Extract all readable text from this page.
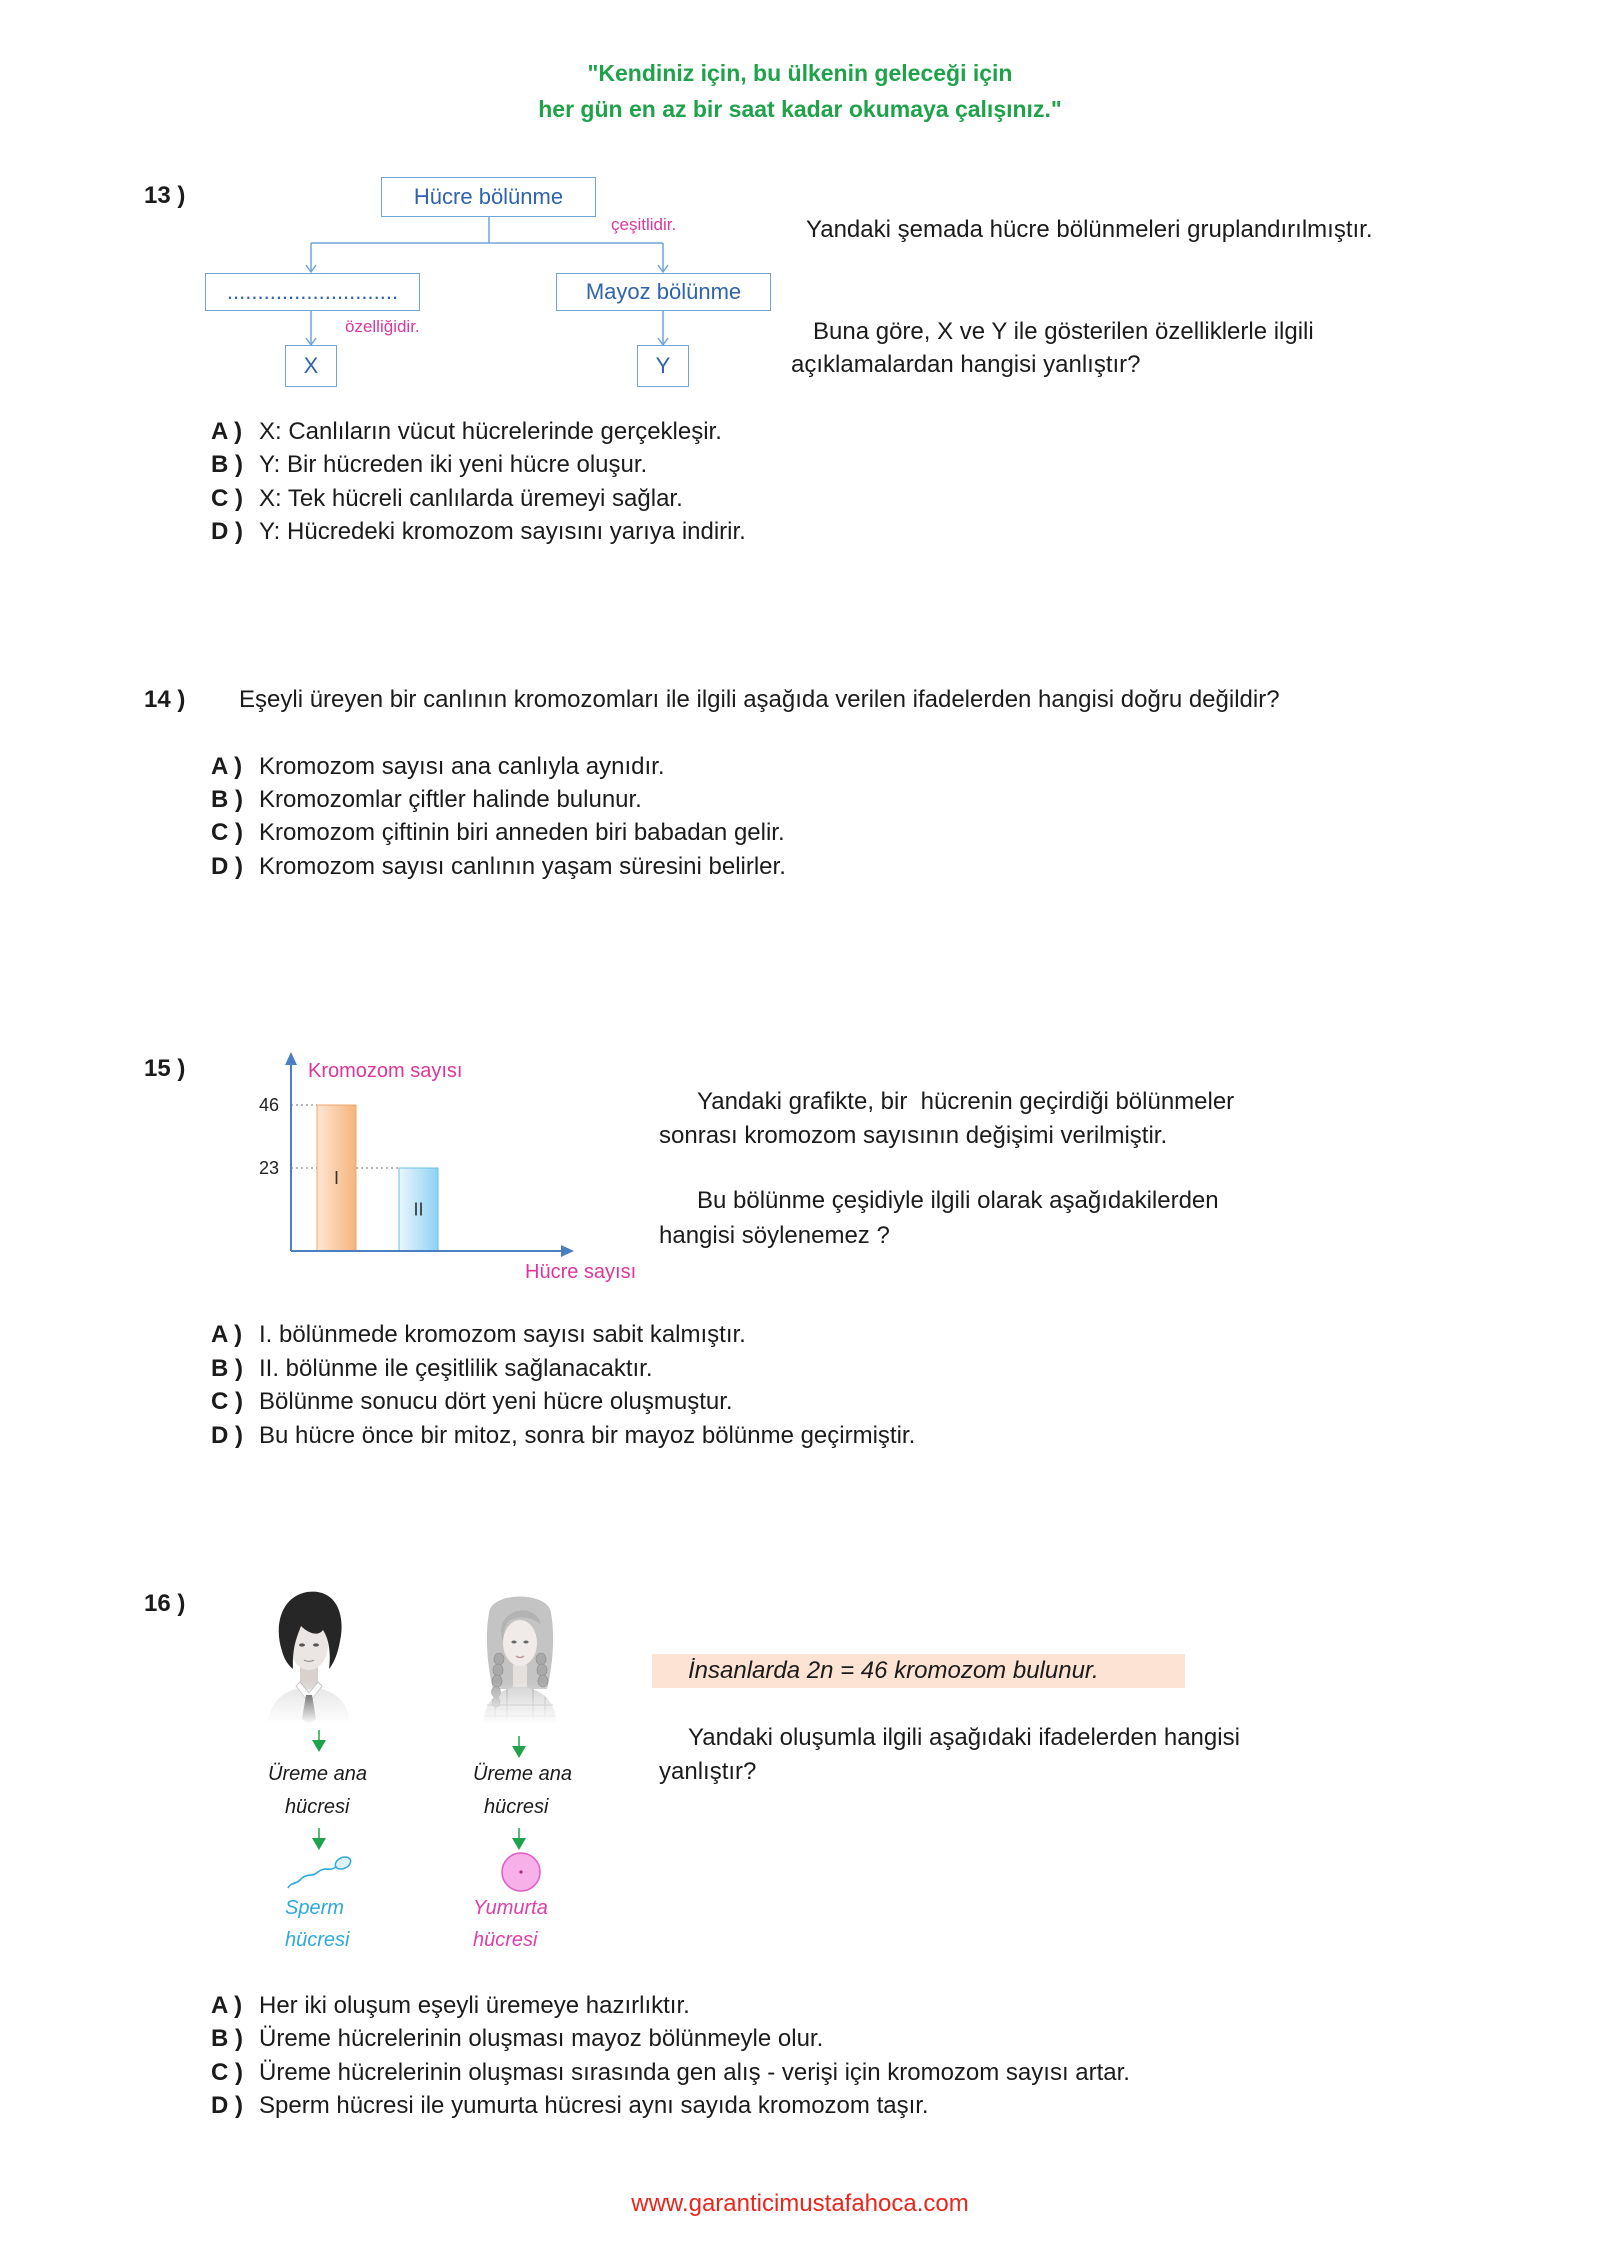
"Kendiniz için, bu ülkenin geleceği için
her gün en az bir saat kadar okumaya çalışınız."
13 )	Hücre bölünme
çeşitlidir.
............................	Mayoz bölünme
özelliğidir.
X	Y
Yandaki şemada hücre bölünmeleri gruplandırılmıştır.
Buna göre, X ve Y ile gösterilen özelliklerle ilgili
açıklamalardan hangisi yanlıştır?
A ) X: Canlıların vücut hücrelerinde gerçekleşir.
B ) Y: Bir hücreden iki yeni hücre oluşur.
C ) X: Tek hücreli canlılarda üremeyi sağlar.
D ) Y: Hücredeki kromozom sayısını yarıya indirir.
14 ) Eşeyli üreyen bir canlının kromozomları ile ilgili aşağıda verilen ifadelerden hangisi doğru değildir?
A ) Kromozom sayısı ana canlıyla aynıdır.
B ) Kromozomlar çiftler halinde bulunur.
C ) Kromozom çiftinin biri anneden biri babadan gelir.
D ) Kromozom sayısı canlının yaşam süresini belirler.
15 )
I
II
Kromozom sayısı
Hücre sayısı
46
23
Yandaki grafikte, bir  hücrenin geçirdiği bölünmeler
sonrası kromozom sayısının değişimi verilmiştir.
Bu bölünme çeşidiyle ilgili olarak aşağıdakilerden
hangisi söylenemez ?
A ) I. bölünmede kromozom sayısı sabit kalmıştır.
B ) II. bölünme ile çeşitlilik sağlanacaktır.
C ) Bölünme sonucu dört yeni hücre oluşmuştur.
D ) Bu hücre önce bir mitoz, sonra bir mayoz bölünme geçirmiştir.
16 )
Üreme ana
hücresi
Üreme ana
hücresi
Sperm
hücresi
Yumurta
hücresi
İnsanlarda 2n = 46 kromozom bulunur.
Yandaki oluşumla ilgili aşağıdaki ifadelerden hangisi
yanlıştır?
A ) Her iki oluşum eşeyli üremeye hazırlıktır.
B ) Üreme hücrelerinin oluşması mayoz bölünmeyle olur.
C ) Üreme hücrelerinin oluşması sırasında gen alış - verişi için kromozom sayısı artar.
D ) Sperm hücresi ile yumurta hücresi aynı sayıda kromozom taşır.
www.garanticimustafahoca.com
